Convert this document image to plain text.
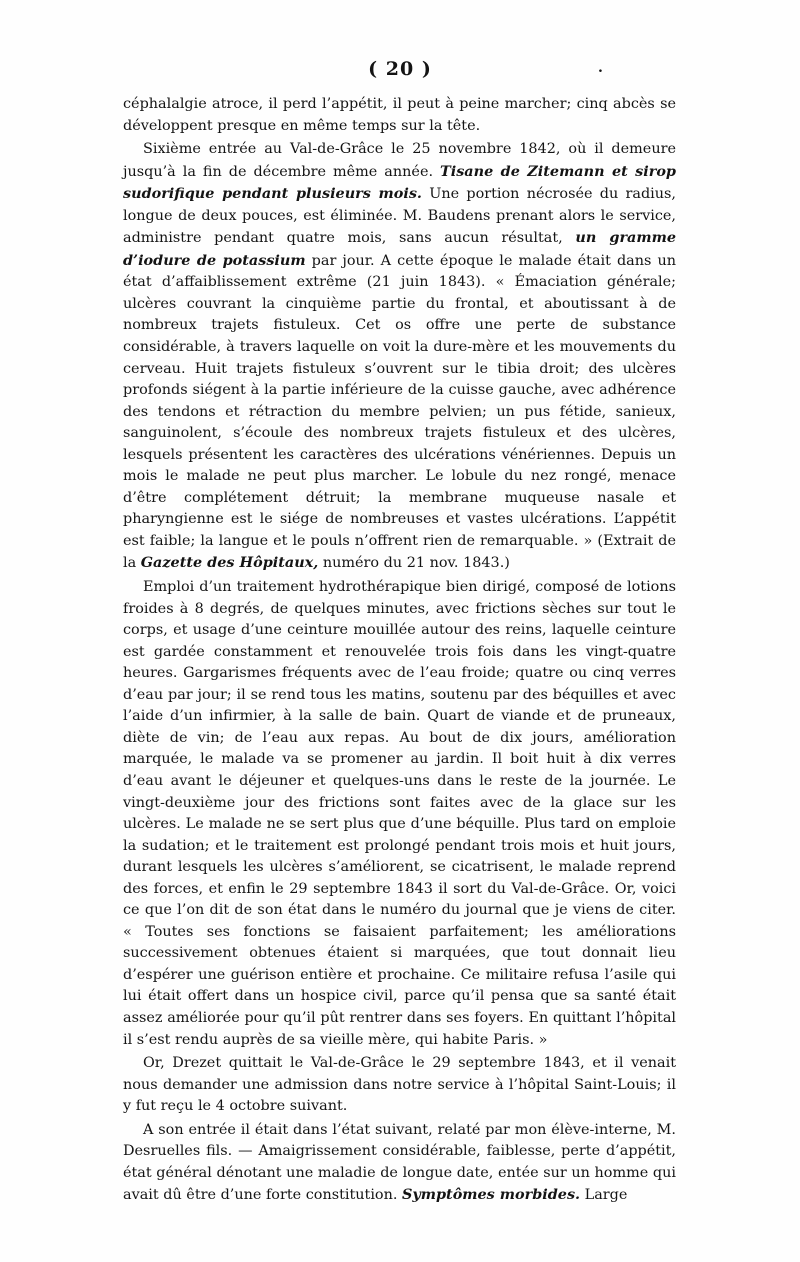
( 20 )	.

céphalalgie atroce, il perd l’appétit, il peut à peine marcher; cinq abcès se développent presque en même temps sur la tête.

Sixième entrée au Val-de-Grâce le 25 novembre 1842, où il demeure jusqu’à la fin de décembre même année. Tisane de Zitemann et sirop sudorifique pendant plusieurs mois. Une portion nécrosée du radius, longue de deux pouces, est éliminée. M. Baudens prenant alors le service, administre pendant quatre mois, sans aucun résultat, un gramme d’iodure de potassium par jour. A cette époque le malade était dans un état d’affaiblissement extrême (21 juin 1843). « Émaciation générale; ulcères couvrant la cinquième partie du frontal, et aboutissant à de nombreux trajets fistuleux. Cet os offre une perte de substance considérable, à travers laquelle on voit la dure-mère et les mouvements du cerveau. Huit trajets fistuleux s’ouvrent sur le tibia droit; des ulcères profonds siégent à la partie inférieure de la cuisse gauche, avec adhérence des tendons et rétraction du membre pelvien; un pus fétide, sanieux, sanguinolent, s’écoule des nombreux trajets fistuleux et des ulcères, lesquels présentent les caractères des ulcérations vénériennes. Depuis un mois le malade ne peut plus marcher. Le lobule du nez rongé, menace d’être complétement détruit; la membrane muqueuse nasale et pharyngienne est le siége de nombreuses et vastes ulcérations. L’appétit est faible; la langue et le pouls n’offrent rien de remarquable. » (Extrait de la Gazette des Hôpitaux, numéro du 21 nov. 1843.)

Emploi d’un traitement hydrothérapique bien dirigé, composé de lotions froides à 8 degrés, de quelques minutes, avec frictions sèches sur tout le corps, et usage d’une ceinture mouillée autour des reins, laquelle ceinture est gardée constamment et renouvelée trois fois dans les vingt-quatre heures. Gargarismes fréquents avec de l’eau froide; quatre ou cinq verres d’eau par jour; il se rend tous les matins, soutenu par des béquilles et avec l’aide d’un infirmier, à la salle de bain. Quart de viande et de pruneaux, diète de vin; de l’eau aux repas. Au bout de dix jours, amélioration marquée, le malade va se promener au jardin. Il boit huit à dix verres d’eau avant le déjeuner et quelques-uns dans le reste de la journée. Le vingt-deuxième jour des frictions sont faites avec de la glace sur les ulcères. Le malade ne se sert plus que d’une béquille. Plus tard on emploie la sudation; et le traitement est prolongé pendant trois mois et huit jours, durant lesquels les ulcères s’améliorent, se cicatrisent, le malade reprend des forces, et enfin le 29 septembre 1843 il sort du Val-de-Grâce. Or, voici ce que l’on dit de son état dans le numéro du journal que je viens de citer. « Toutes ses fonctions se faisaient parfaitement; les améliorations successivement obtenues étaient si marquées, que tout donnait lieu d’espérer une guérison entière et prochaine. Ce militaire refusa l’asile qui lui était offert dans un hospice civil, parce qu’il pensa que sa santé était assez améliorée pour qu’il pût rentrer dans ses foyers. En quittant l’hôpital il s’est rendu auprès de sa vieille mère, qui habite Paris. »

Or, Drezet quittait le Val-de-Grâce le 29 septembre 1843, et il venait nous demander une admission dans notre service à l’hôpital Saint-Louis; il y fut reçu le 4 octobre suivant.

A son entrée il était dans l’état suivant, relaté par mon élève-interne, M. Desruelles fils. — Amaigrissement considérable, faiblesse, perte d’appétit, état général dénotant une maladie de longue date, entée sur un homme qui avait dû être d’une forte constitution. Symptômes morbides. Large
